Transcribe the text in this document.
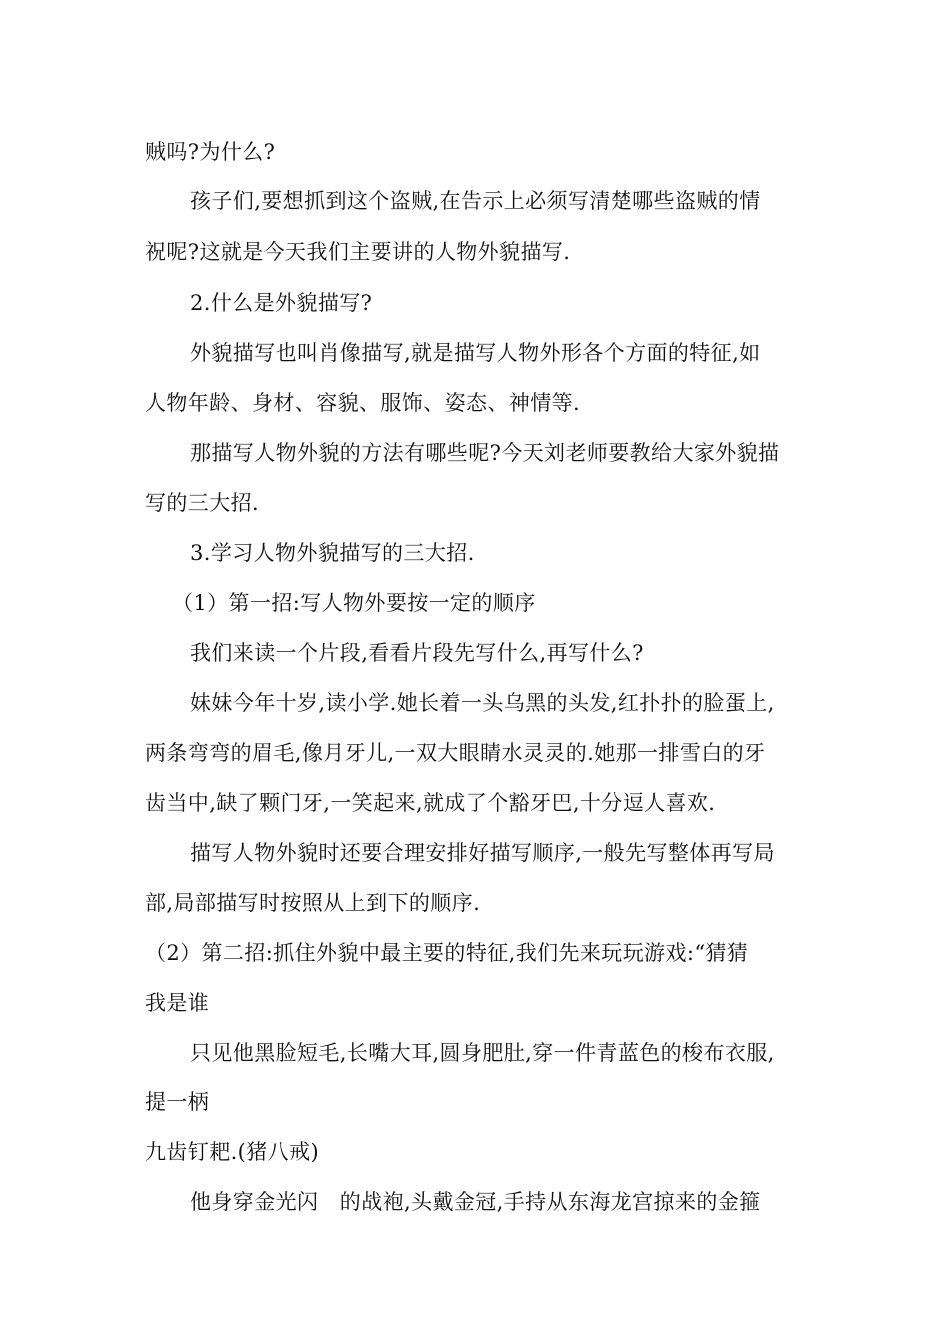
贼吗?为什么?
孩子们,要想抓到这个盗贼,在告示上必须写清楚哪些盗贼的情
祝呢?这就是今天我们主要讲的人物外貌描写.
2.什么是外貌描写?
外貌描写也叫肖像描写,就是描写人物外形各个方面的特征,如
人物年龄、身材、容貌、服饰、姿态、神情等.
那描写人物外貌的方法有哪些呢?今天刘老师要教给大家外貌描
写的三大招.
3.学习人物外貌描写的三大招.
（1）第一招:写人物外要按一定的顺序
我们来读一个片段,看看片段先写什么,再写什么?
妹妹今年十岁,读小学.她长着一头乌黑的头发,红扑扑的脸蛋上,
两条弯弯的眉毛,像月牙儿,一双大眼睛水灵灵的.她那一排雪白的牙
齿当中,缺了颗门牙,一笑起来,就成了个豁牙巴,十分逗人喜欢.
描写人物外貌时还要合理安排好描写顺序,一般先写整体再写局
部,局部描写时按照从上到下的顺序.
（2）第二招:抓住外貌中最主要的特征,我们先来玩玩游戏:“猜猜
我是谁
只见他黑脸短毛,长嘴大耳,圆身肥肚,穿一件青蓝色的梭布衣服,
提一柄
九齿钉耙.(猪八戒)
他身穿金光闪　的战袍,头戴金冠,手持从东海龙宫掠来的金箍
